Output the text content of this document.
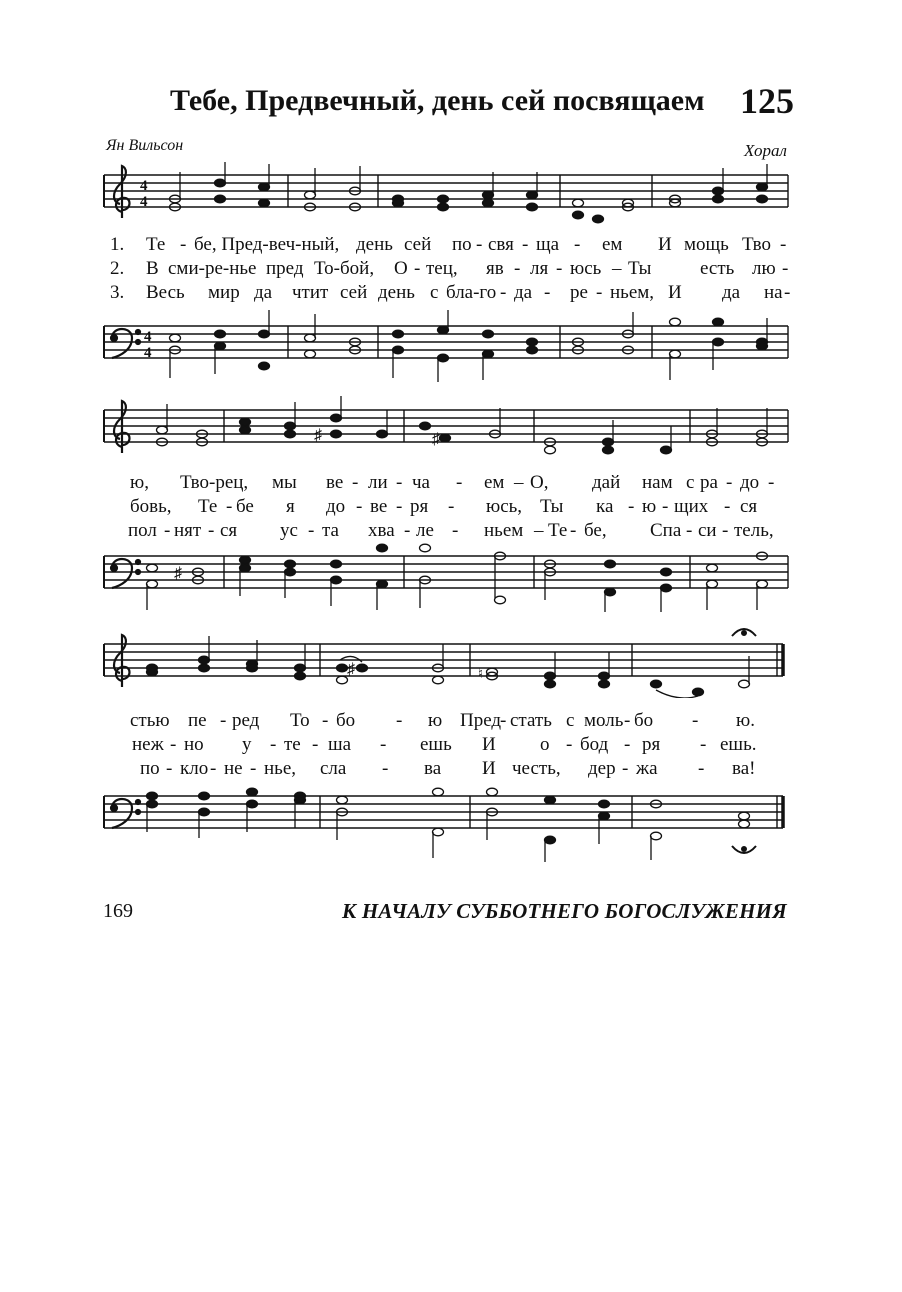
Тебе, Предвечный, день сей посвящаем 125
Ян Вильсон	Хорал
4
4
1. Те - бе, Пред-веч-ный, день сей по - свя - ща - ем И мощь Тво -
2. В сми-ре-нье пред То-бой, О - тец, яв - ля - юсь – Ты	есть лю -
3. Весь мир да чтит сей день с бла-го - да - ре - ньем, И да на -
4
4
♯	♯
ю, Тво-рец, мы ве - ли - ча - ем – О, дай нам с ра - до -
бовь, Те - бе я до - ве - ря - юсь, Ты ка - ю - щих - ся
пол - нят - ся ус - та хва - ле - ньем – Те - бе, Спа - си - тель,
♯
♯	♮
стью пе - ред То - бо - ю Пред
- стать с моль - бо - ю.
неж - но у - те - ша - ешь И о - бод - ря - ешь.
по - кло - не - нье, сла - ва И честь, дер - жа - ва!
169	К НАЧАЛУ СУББОТНЕГО БОГОСЛУЖЕНИЯ
